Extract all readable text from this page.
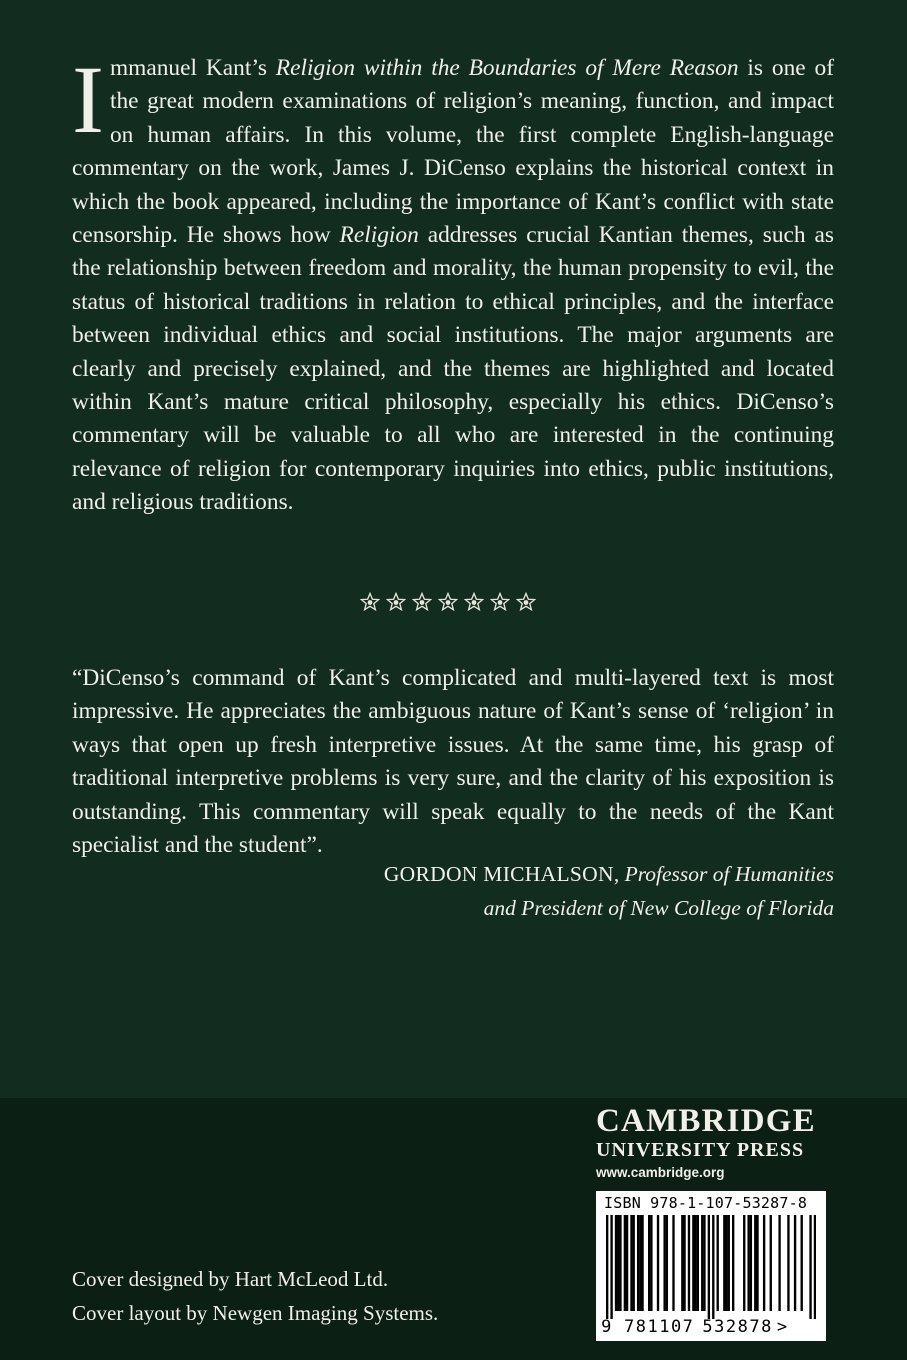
Immanuel Kant’s Religion within the Boundaries of Mere Reason is one of the great modern examinations of religion’s meaning, function, and impact on human affairs. In this volume, the first complete English-language commentary on the work, James J. DiCenso explains the historical context in which the book appeared, including the importance of Kant’s conflict with state censorship. He shows how Religion addresses crucial Kantian themes, such as the relationship between freedom and morality, the human propensity to evil, the status of historical traditions in relation to ethical principles, and the interface between individual ethics and social institutions. The major arguments are clearly and precisely explained, and the themes are highlighted and located within Kant’s mature critical philosophy, especially his ethics. DiCenso’s commentary will be valuable to all who are interested in the continuing relevance of religion for contemporary inquiries into ethics, public institutions, and religious traditions.

“DiCenso’s command of Kant’s complicated and multi-layered text is most impressive. He appreciates the ambiguous nature of Kant’s sense of ‘religion’ in ways that open up fresh interpretive issues. At the same time, his grasp of traditional interpretive problems is very sure, and the clarity of his exposition is outstanding. This commentary will speak equally to the needs of the Kant specialist and the student”.

GORDON MICHALSON, Professor of Humanities
and President of New College of Florida
CAMBRIDGE
UNIVERSITY PRESS
www.cambridge.org
ISBN 978-1-107-53287-8
9 781107 532878 >
Cover designed by Hart McLeod Ltd.
Cover layout by Newgen Imaging Systems.
